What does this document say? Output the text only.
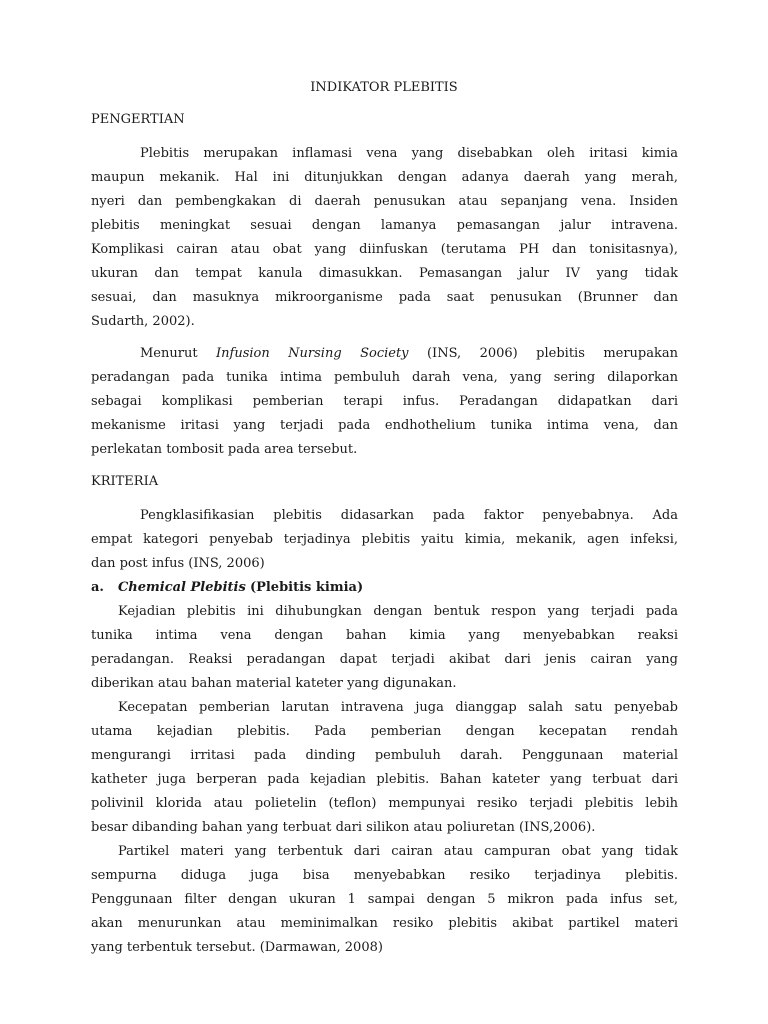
INDIKATOR PLEBITIS

PENGERTIAN

Plebitis merupakan inflamasi vena yang disebabkan oleh iritasi kimia

maupun mekanik. Hal ini ditunjukkan dengan adanya daerah yang merah,

nyeri dan pembengkakan di daerah penusukan atau sepanjang vena. Insiden

plebitis meningkat sesuai dengan lamanya pemasangan jalur intravena.

Komplikasi cairan atau obat yang diinfuskan (terutama PH dan tonisitasnya),

ukuran dan tempat kanula dimasukkan. Pemasangan jalur IV yang tidak

sesuai, dan masuknya mikroorganisme pada saat penusukan (Brunner dan

Sudarth, 2002).

Menurut Infusion Nursing Society (INS, 2006) plebitis merupakan

peradangan pada tunika intima pembuluh darah vena, yang sering dilaporkan

sebagai komplikasi pemberian terapi infus. Peradangan didapatkan dari

mekanisme iritasi yang terjadi pada endhothelium tunika intima vena, dan

perlekatan tombosit pada area tersebut.

KRITERIA

Pengklasifikasian plebitis didasarkan pada faktor penyebabnya. Ada

empat kategori penyebab terjadinya plebitis yaitu kimia, mekanik, agen infeksi,

dan post infus (INS, 2006)

a. Chemical Plebitis (Plebitis kimia)

Kejadian plebitis ini dihubungkan dengan bentuk respon yang terjadi pada

tunika intima vena dengan bahan kimia yang menyebabkan reaksi

peradangan. Reaksi peradangan dapat terjadi akibat dari jenis cairan yang

diberikan atau bahan material kateter yang digunakan.

Kecepatan pemberian larutan intravena juga dianggap salah satu penyebab

utama kejadian plebitis. Pada pemberian dengan kecepatan rendah

mengurangi irritasi pada dinding pembuluh darah. Penggunaan material

katheter juga berperan pada kejadian plebitis. Bahan kateter yang terbuat dari

polivinil klorida atau polietelin (teflon) mempunyai resiko terjadi plebitis lebih

besar dibanding bahan yang terbuat dari silikon atau poliuretan (INS,2006).

Partikel materi yang terbentuk dari cairan atau campuran obat yang tidak

sempurna diduga juga bisa menyebabkan resiko terjadinya plebitis.

Penggunaan filter dengan ukuran 1 sampai dengan 5 mikron pada infus set,

akan menurunkan atau meminimalkan resiko plebitis akibat partikel materi

yang terbentuk tersebut. (Darmawan, 2008)
